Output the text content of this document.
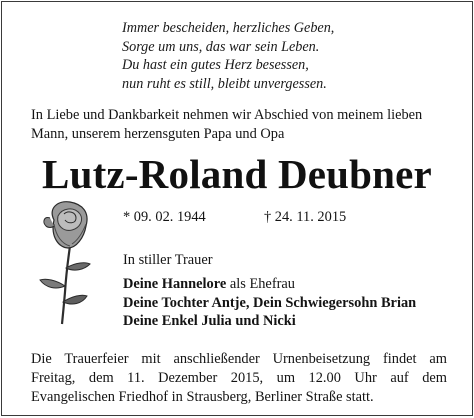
Immer bescheiden, herzliches Geben,
Sorge um uns, das war sein Leben.
Du hast ein gutes Herz besessen,
nun ruht es still, bleibt unvergessen.
In Liebe und Dankbarkeit nehmen wir Abschied von meinem lieben
Mann, unserem herzensguten Papa und Opa
Lutz-Roland Deubner
* 09. 02. 1944	† 24. 11. 2015
In stiller Trauer
Deine Hannelore als Ehefrau
Deine Tochter Antje, Dein Schwiegersohn Brian
Deine Enkel Julia und Nicki
Die Trauerfeier mit anschließender Urnenbeisetzung findet am
Freitag, dem 11. Dezember 2015, um 12.00 Uhr auf dem
Evangelischen Friedhof in Strausberg, Berliner Straße statt.
